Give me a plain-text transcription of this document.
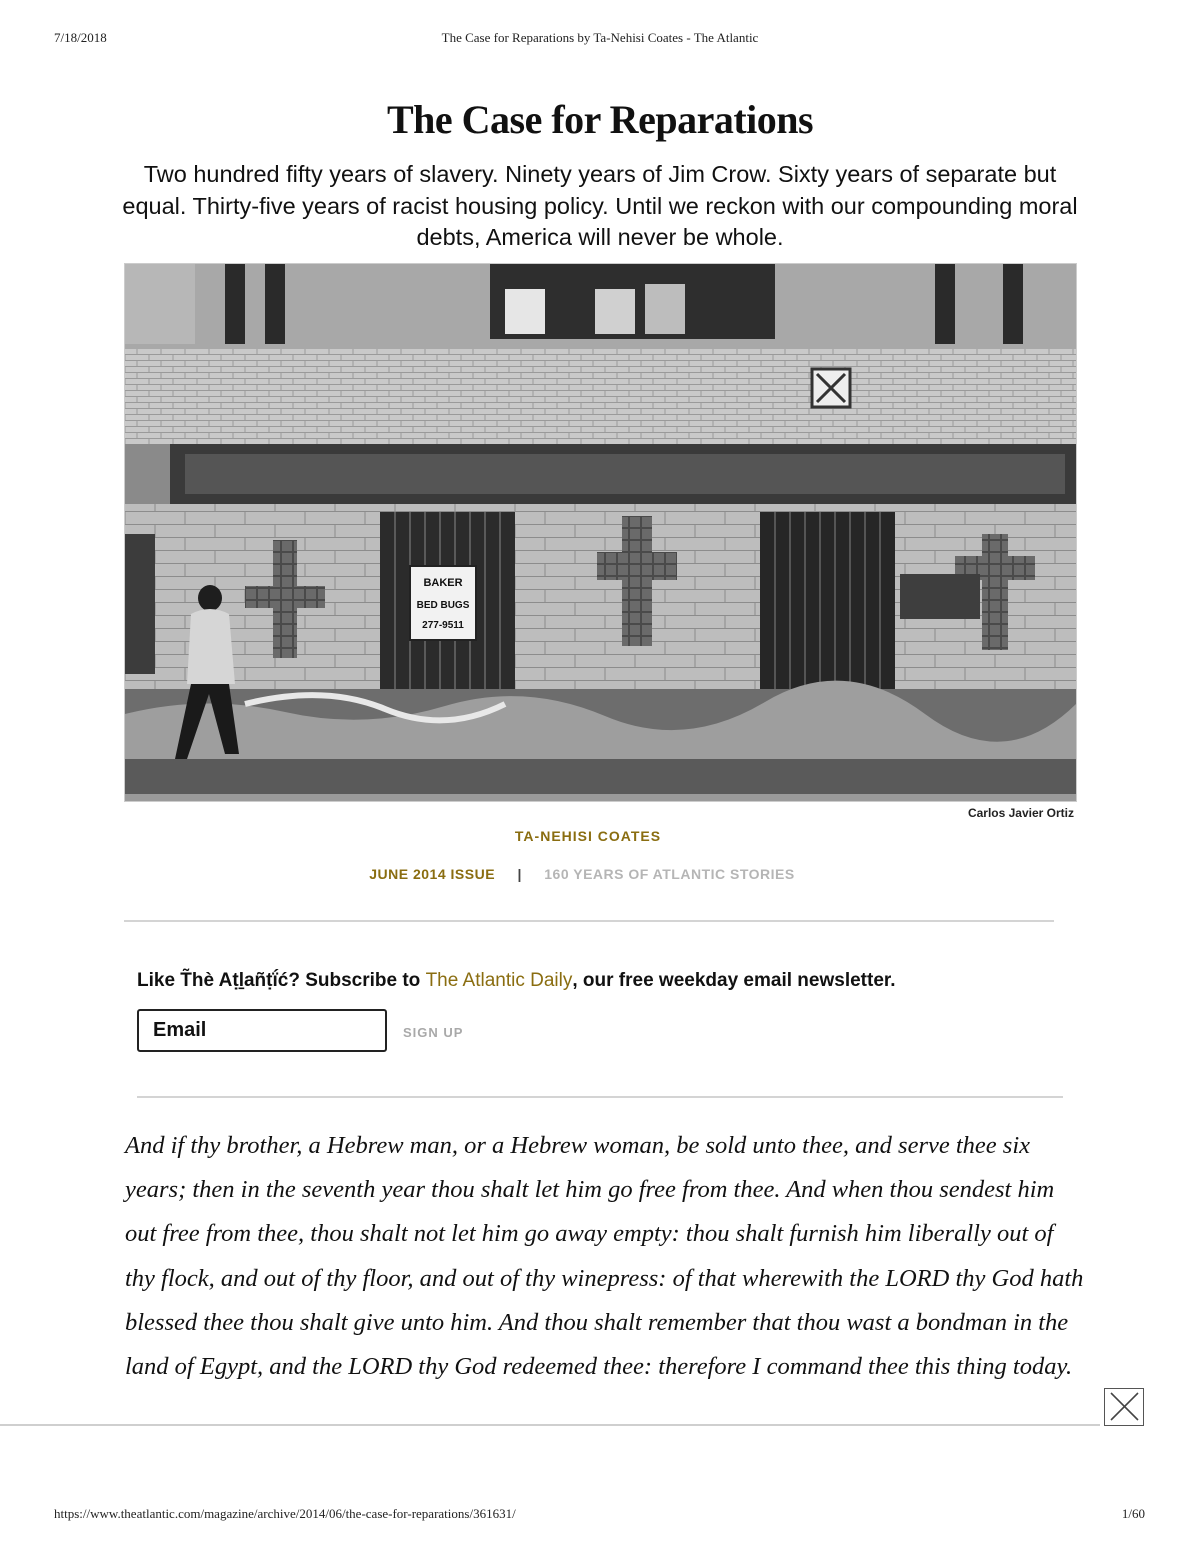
7/18/2018	The Case for Reparations by Ta-Nehisi Coates - The Atlantic
The Case for Reparations

Two hundred fifty years of slavery. Ninety years of Jim Crow. Sixty years of separate but equal. Thirty-five years of racist housing policy. Until we reckon with our compounding moral debts, America will never be whole.

BAKER
BED BUGS
277-9511
Carlos Javier Ortiz
TA-NEHISI COATES
JUNE 2014 ISSUE | 160 YEARS OF ATLANTIC STORIES
Like T̃hè Aṭḻañṭḯć? Subscribe to The Atlantic Daily, our free weekday email newsletter.
Email
SIGN UP

And if thy brother, a Hebrew man, or a Hebrew woman, be sold unto thee, and serve thee six years; then in the seventh year thou shalt let him go free from thee. And when thou sendest him out free from thee, thou shalt not let him go away empty: thou shalt furnish him liberally out of thy flock, and out of thy floor, and out of thy winepress: of that wherewith the LORD thy God hath blessed thee thou shalt give unto him. And thou shalt remember that thou wast a bondman in the land of Egypt, and the LORD thy God redeemed thee: therefore I command thee this thing today.

https://www.theatlantic.com/magazine/archive/2014/06/the-case-for-reparations/361631/	1/60
